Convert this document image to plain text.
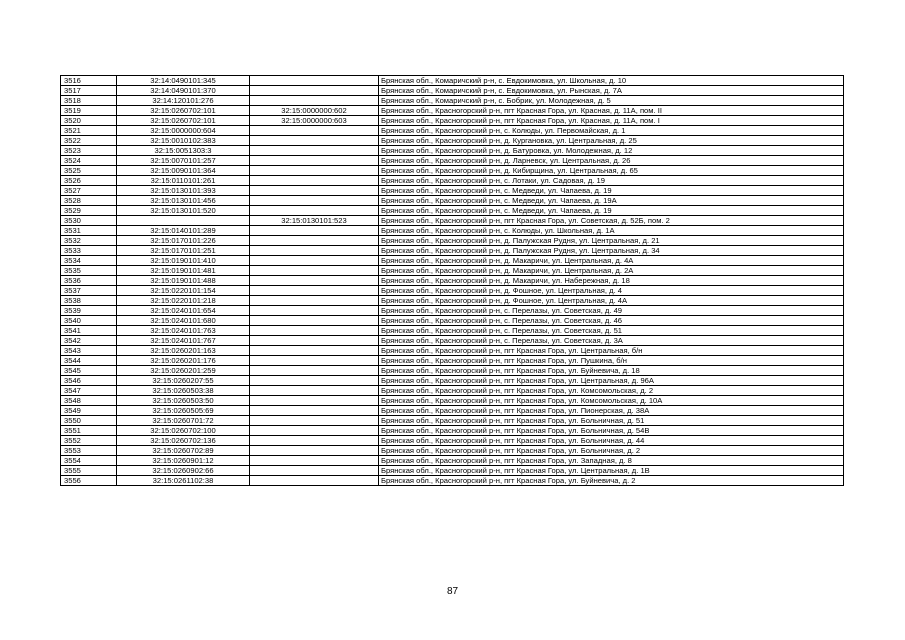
3516	32:14:0490101:345		Брянская обл., Комаричский р-н, с. Евдокимовка, ул. Школьная, д. 10
3517	32:14:0490101:370		Брянская обл., Комаричский р-н, с. Евдокимовка, ул. Рынская, д. 7А
3518	32:14:120101:276		Брянская обл., Комаричский р-н, с. Бобрик, ул. Молодежная, д. 5
3519	32:15:0260702:101	32:15:0000000:602	Брянская обл., Красногорский р-н, пгт Красная Гора, ул. Красная, д. 11А, пом. II
3520	32:15:0260702:101	32:15:0000000:603	Брянская обл., Красногорский р-н, пгт Красная Гора, ул. Красная, д. 11А, пом. I
3521	32:15:0000000:604		Брянская обл., Красногорский р-н, с. Колюды, ул. Первомайская, д. 1
3522	32:15:0010102:383		Брянская обл., Красногорский р-н, д. Кургановка, ул. Центральная, д. 25
3523	32:15:0051303:3		Брянская обл., Красногорский р-н, д. Батуровка, ул. Молодежная, д. 12
3524	32:15:0070101:257		Брянская обл., Красногорский р-н, д. Ларневск, ул. Центральная, д. 26
3525	32:15:0090101:364		Брянская обл., Красногорский р-н, д. Кибирщина, ул. Центральная, д. 65
3526	32:15:0110101:261		Брянская обл., Красногорский р-н, с. Лотаки, ул. Садовая, д. 19
3527	32:15:0130101:393		Брянская обл., Красногорский р-н, с. Медведи, ул. Чапаева, д. 19
3528	32:15:0130101:456		Брянская обл., Красногорский р-н, с. Медведи, ул. Чапаева, д. 19А
3529	32:15:0130101:520		Брянская обл., Красногорский р-н, с. Медведи, ул. Чапаева, д. 19
3530		32:15:0130101:523	Брянская обл., Красногорский р-н, пгт Красная Гора, ул. Советская, д. 52Б, пом. 2
3531	32:15:0140101:289		Брянская обл., Красногорский р-н, с. Колюды, ул. Школьная, д. 1А
3532	32:15:0170101:226		Брянская обл., Красногорский р-н, д. Палужская Рудня, ул. Центральная, д. 21
3533	32:15:0170101:251		Брянская обл., Красногорский р-н, д. Палужская Рудня, ул. Центральная, д. 34
3534	32:15:0190101:410		Брянская обл., Красногорский р-н, д. Макаричи, ул. Центральная, д. 4А
3535	32:15:0190101:481		Брянская обл., Красногорский р-н, д. Макаричи, ул. Центральная, д. 2А
3536	32:15:0190101:488		Брянская обл., Красногорский р-н, д. Макаричи, ул. Набережная, д. 18
3537	32:15:0220101:154		Брянская обл., Красногорский р-н, д. Фошное, ул. Центральная, д. 4
3538	32:15:0220101:218		Брянская обл., Красногорский р-н, д. Фошное, ул. Центральная, д. 4А
3539	32:15:0240101:654		Брянская обл., Красногорский р-н, с. Перелазы, ул. Советская, д. 49
3540	32:15:0240101:680		Брянская обл., Красногорский р-н, с. Перелазы, ул. Советская, д. 46
3541	32:15:0240101:763		Брянская обл., Красногорский р-н, с. Перелазы, ул. Советская, д. 51
3542	32:15:0240101:767		Брянская обл., Красногорский р-н, с. Перелазы, ул. Советская, д. 3А
3543	32:15:0260201:163		Брянская обл., Красногорский р-н, пгт Красная Гора, ул. Центральная, б/н
3544	32:15:0260201:176		Брянская обл., Красногорский р-н, пгт Красная Гора, ул. Пушкина, б/н
3545	32:15:0260201:259		Брянская обл., Красногорский р-н, пгт Красная Гора, ул. Буйневича, д. 18
3546	32:15:0260207:55		Брянская обл., Красногорский р-н, пгт Красная Гора, ул. Центральная, д. 96А
3547	32:15:0260503:38		Брянская обл., Красногорский р-н, пгт Красная Гора, ул. Комсомольская, д. 2
3548	32:15:0260503:50		Брянская обл., Красногорский р-н, пгт Красная Гора, ул. Комсомольская, д. 10А
3549	32:15:0260505:69		Брянская обл., Красногорский р-н, пгт Красная Гора, ул. Пионерская, д. 38А
3550	32:15:0260701:72		Брянская обл., Красногорский р-н, пгт Красная Гора, ул. Больничная, д. 51
3551	32:15:0260702:100		Брянская обл., Красногорский р-н, пгт Красная Гора, ул. Больничная, д. 54В
3552	32:15:0260702:136		Брянская обл., Красногорский р-н, пгт Красная Гора, ул. Больничная, д. 44
3553	32:15:0260702:89		Брянская обл., Красногорский р-н, пгт Красная Гора, ул. Больничная, д. 2
3554	32:15:0260901:12		Брянская обл., Красногорский р-н, пгт Красная Гора, ул. Западная, д. 8
3555	32:15:0260902:66		Брянская обл., Красногорский р-н, пгт Красная Гора, ул. Центральная, д. 1В
3556	32:15:0261102:38		Брянская обл., Красногорский р-н, пгт Красная Гора, ул. Буйневича, д. 2
87
